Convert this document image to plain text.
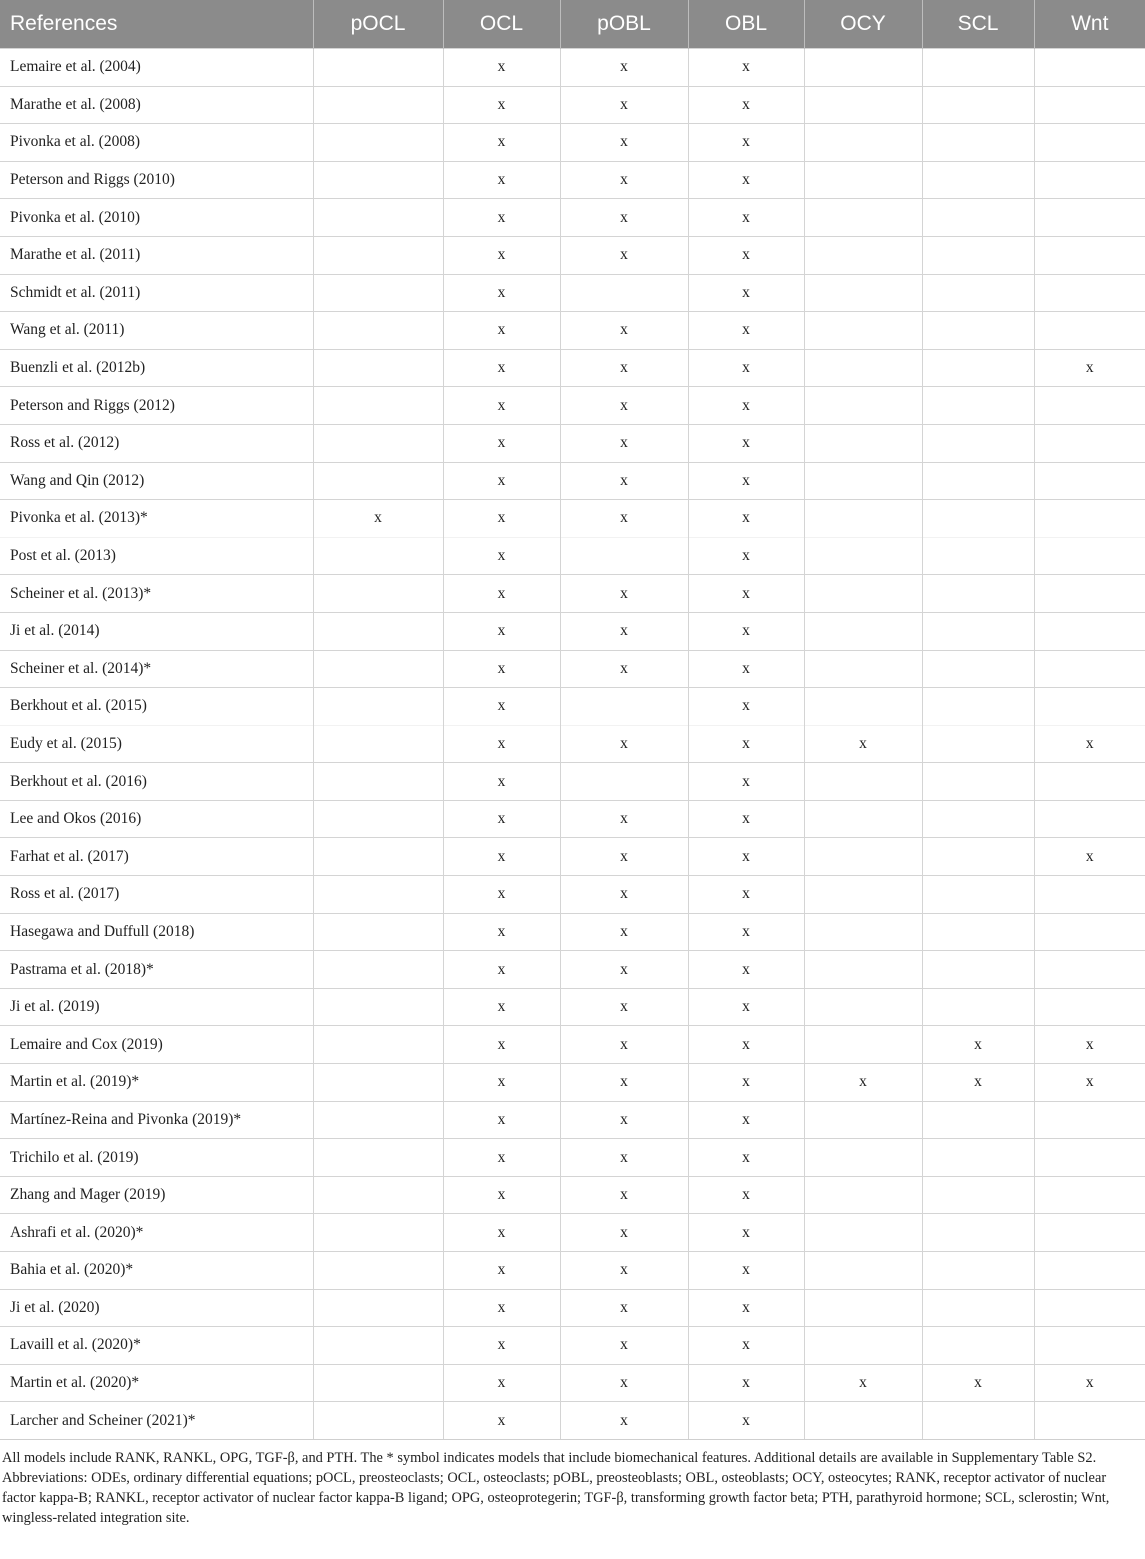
References	pOCL	OCL	pOBL	OBL	OCY	SCL	Wnt
Lemaire et al. (2004)		x	x	x			
Marathe et al. (2008)		x	x	x			
Pivonka et al. (2008)		x	x	x			
Peterson and Riggs (2010)		x	x	x			
Pivonka et al. (2010)		x	x	x			
Marathe et al. (2011)		x	x	x			
Schmidt et al. (2011)		x		x			
Wang et al. (2011)		x	x	x			
Buenzli et al. (2012b)		x	x	x			x
Peterson and Riggs (2012)		x	x	x			
Ross et al. (2012)		x	x	x			
Wang and Qin (2012)		x	x	x			
Pivonka et al. (2013)*	x	x	x	x			
Post et al. (2013)		x		x			
Scheiner et al. (2013)*		x	x	x			
Ji et al. (2014)		x	x	x			
Scheiner et al. (2014)*		x	x	x			
Berkhout et al. (2015)		x		x			
Eudy et al. (2015)		x	x	x	x		x
Berkhout et al. (2016)		x		x			
Lee and Okos (2016)		x	x	x			
Farhat et al. (2017)		x	x	x			x
Ross et al. (2017)		x	x	x			
Hasegawa and Duffull (2018)		x	x	x			
Pastrama et al. (2018)*		x	x	x			
Ji et al. (2019)		x	x	x			
Lemaire and Cox (2019)		x	x	x		x	x
Martin et al. (2019)*		x	x	x	x	x	x
Martínez-Reina and Pivonka (2019)*		x	x	x			
Trichilo et al. (2019)		x	x	x			
Zhang and Mager (2019)		x	x	x			
Ashrafi et al. (2020)*		x	x	x			
Bahia et al. (2020)*		x	x	x			
Ji et al. (2020)		x	x	x			
Lavaill et al. (2020)*		x	x	x			
Martin et al. (2020)*		x	x	x	x	x	x
Larcher and Scheiner (2021)*		x	x	x			

All models include RANK, RANKL, OPG, TGF-β, and PTH. The * symbol indicates models that include biomechanical features. Additional details are available in Supplementary Table S2. Abbreviations: ODEs, ordinary differential equations; pOCL, preosteoclasts; OCL, osteoclasts; pOBL, preosteoblasts; OBL, osteoblasts; OCY, osteocytes; RANK, receptor activator of nuclear factor kappa-B; RANKL, receptor activator of nuclear factor kappa-B ligand; OPG, osteoprotegerin; TGF-β, transforming growth factor beta; PTH, parathyroid hormone; SCL, sclerostin; Wnt, wingless-related integration site.
